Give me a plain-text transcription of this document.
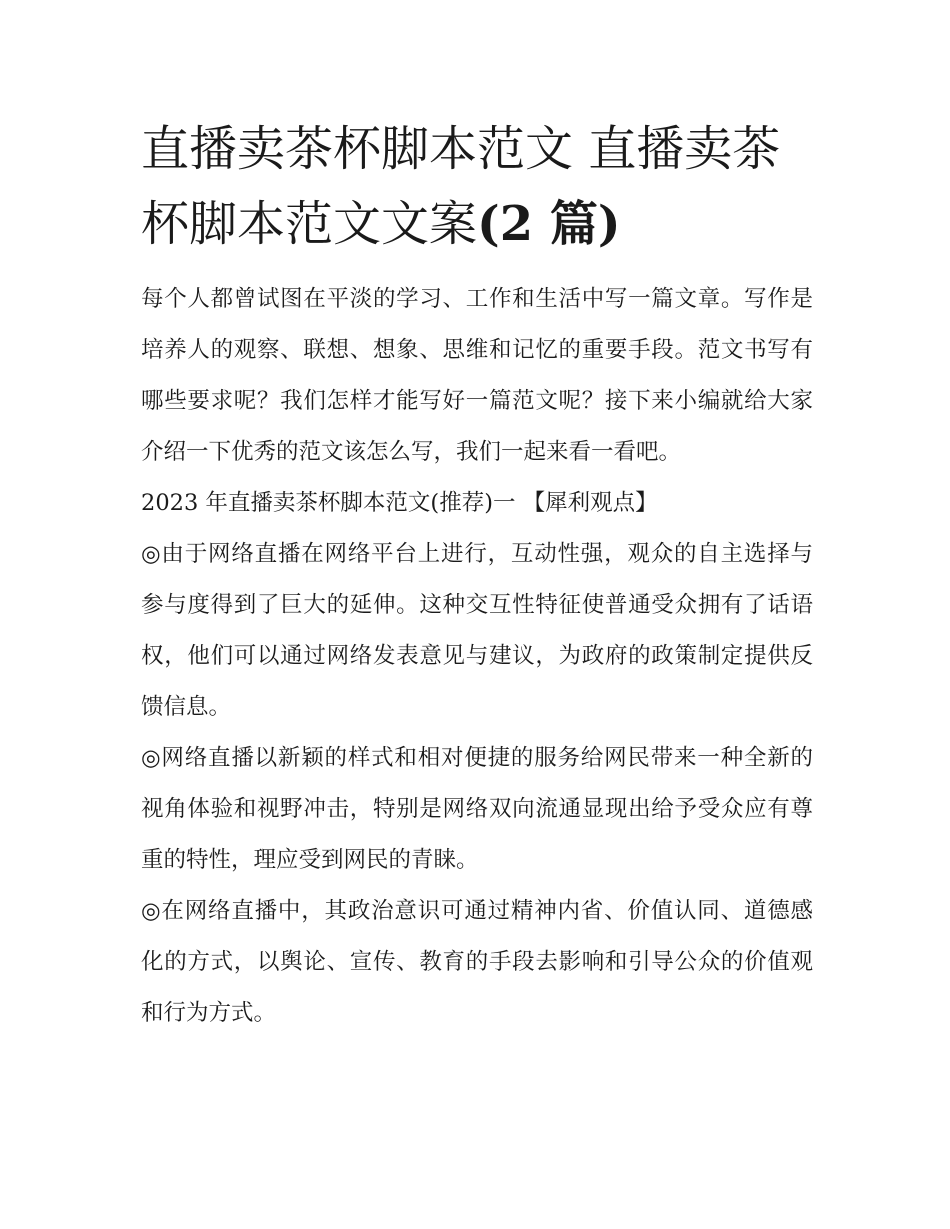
直播卖茶杯脚本范文 直播卖茶杯脚本范文文案(2 篇)

每个人都曾试图在平淡的学习、工作和生活中写一篇文章。写作是培养人的观察、联想、想象、思维和记忆的重要手段。范文书写有哪些要求呢？我们怎样才能写好一篇范文呢？接下来小编就给大家介绍一下优秀的范文该怎么写，我们一起来看一看吧。

2023 年直播卖茶杯脚本范文(推荐)一 【犀利观点】

◎由于网络直播在网络平台上进行，互动性强，观众的自主选择与参与度得到了巨大的延伸。这种交互性特征使普通受众拥有了话语权，他们可以通过网络发表意见与建议，为政府的政策制定提供反馈信息。

◎网络直播以新颖的样式和相对便捷的服务给网民带来一种全新的视角体验和视野冲击，特别是网络双向流通显现出给予受众应有尊重的特性，理应受到网民的青睐。

◎在网络直播中，其政治意识可通过精神内省、价值认同、道德感化的方式，以舆论、宣传、教育的手段去影响和引导公众的价值观和行为方式。
